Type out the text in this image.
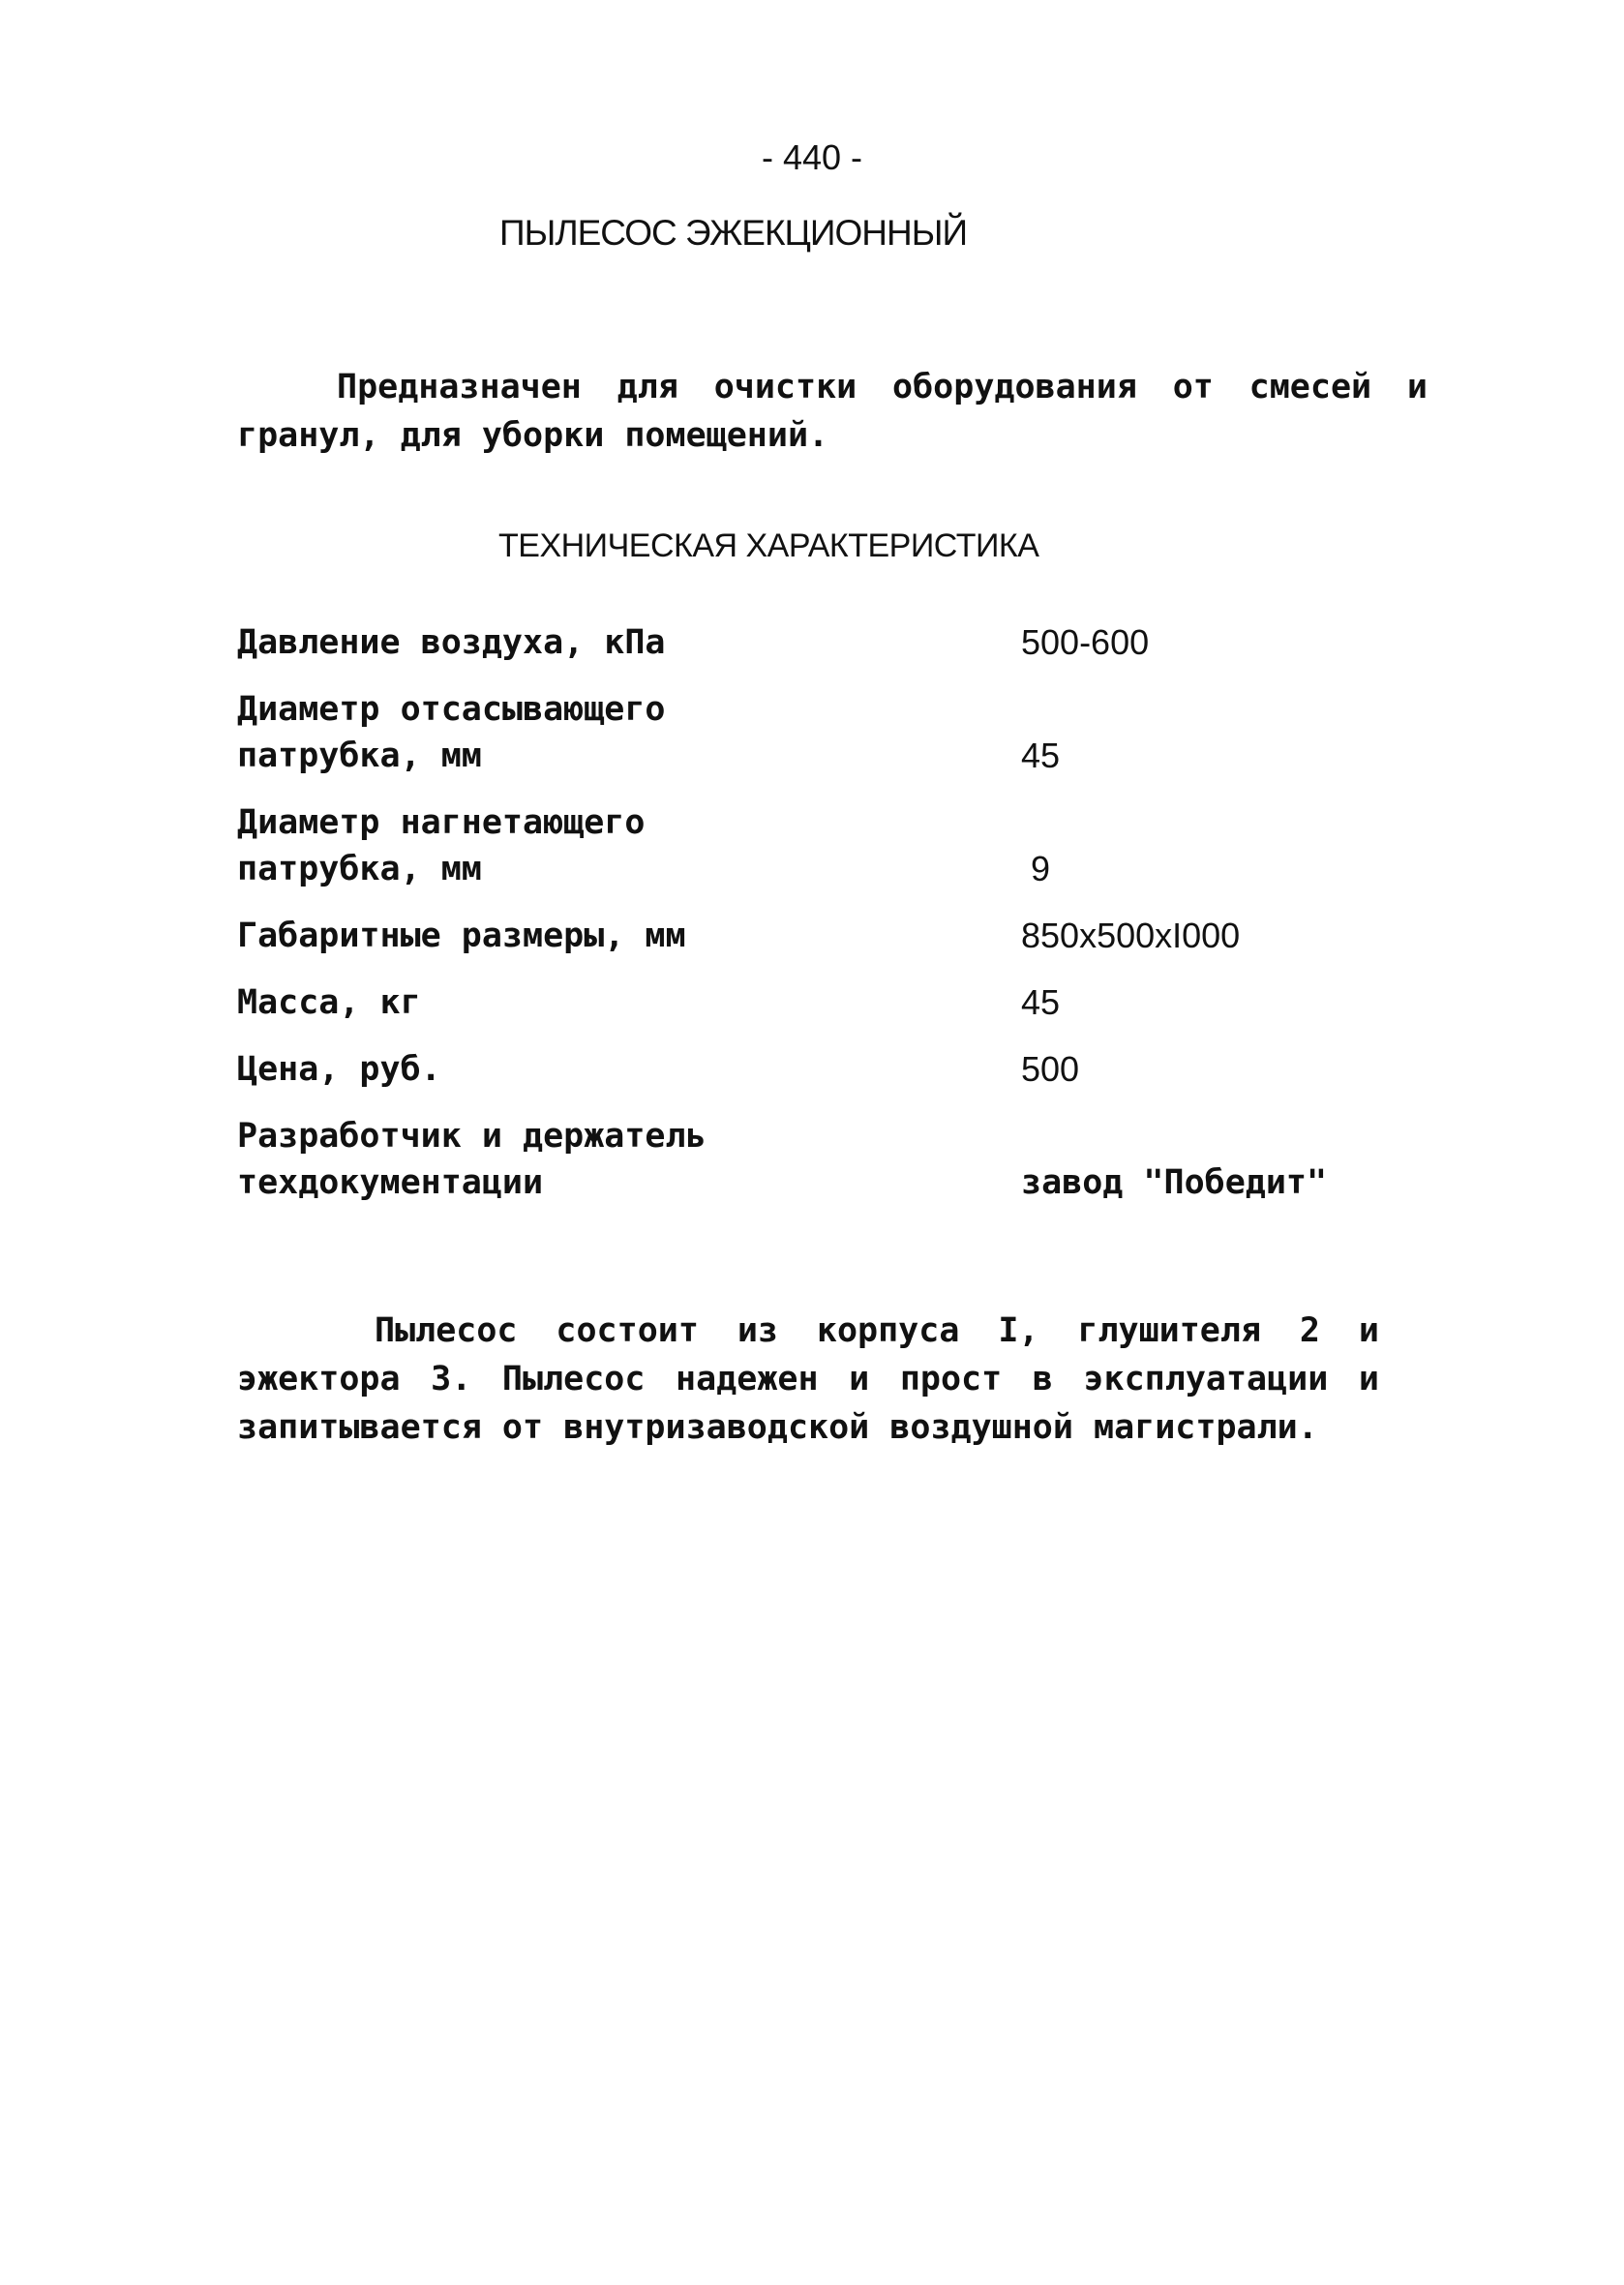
- 440 -
ПЫЛЕСОС ЭЖЕКЦИОННЫЙ

Предназначен для очистки оборудования от смесей и гранул, для уборки помещений.

ТЕХНИЧЕСКАЯ ХАРАКТЕРИСТИКА
Давление воздуха, кПа	500-600
Диаметр отсасывающего	
патрубка, мм	45
Диаметр нагнетающего	
патрубка, мм	9
Габаритные размеры, мм	850x500xI000
Масса, кг	45
Цена, руб.	500
Разработчик и держатель	
техдокументации	завод "Победит"

Пылесос состоит из корпуса I, глушителя 2 и эжектора 3. Пылесос надежен и прост в эксплуатации и запитывается от внутризаводской воздушной магистрали.
